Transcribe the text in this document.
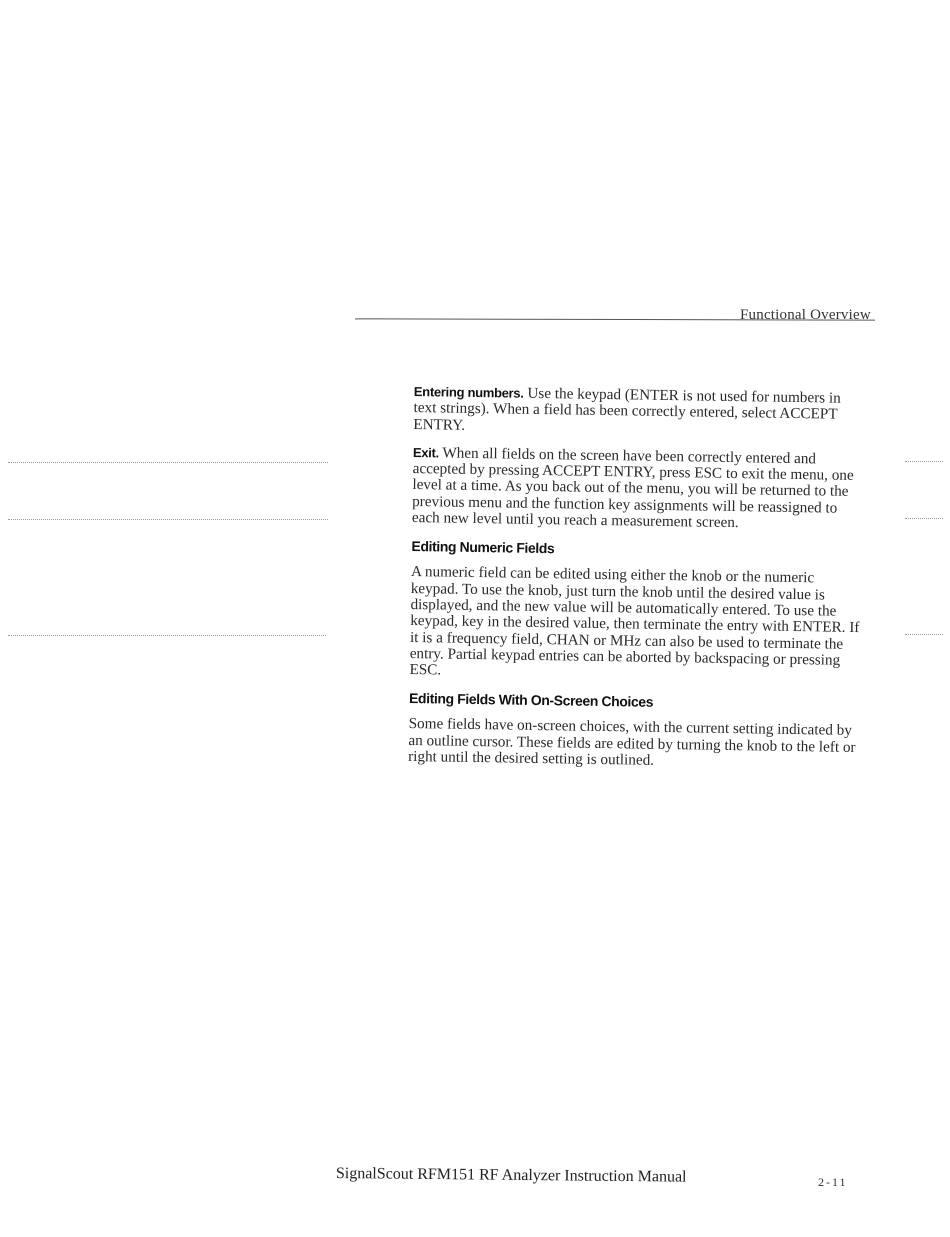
Functional Overview

Entering numbers. Use the keypad (ENTER is not used for numbers in text strings). When a field has been correctly entered, select ACCEPT ENTRY.

Exit. When all fields on the screen have been correctly entered and accepted by pressing ACCEPT ENTRY, press ESC to exit the menu, one level at a time. As you back out of the menu, you will be returned to the previous menu and the function key assignments will be reassigned to each new level until you reach a measurement screen.

Editing Numeric Fields

A numeric field can be edited using either the knob or the numeric keypad. To use the knob, just turn the knob until the desired value is displayed, and the new value will be automatically entered. To use the keypad, key in the desired value, then terminate the entry with ENTER. If it is a frequency field, CHAN or MHz can also be used to terminate the entry. Partial keypad entries can be aborted by backspacing or pressing ESC.

Editing Fields With On-Screen Choices

Some fields have on-screen choices, with the current setting indicated by an outline cursor. These fields are edited by turning the knob to the left or right until the desired setting is outlined.

SignalScout RFM151 RF Analyzer Instruction Manual	2-11
